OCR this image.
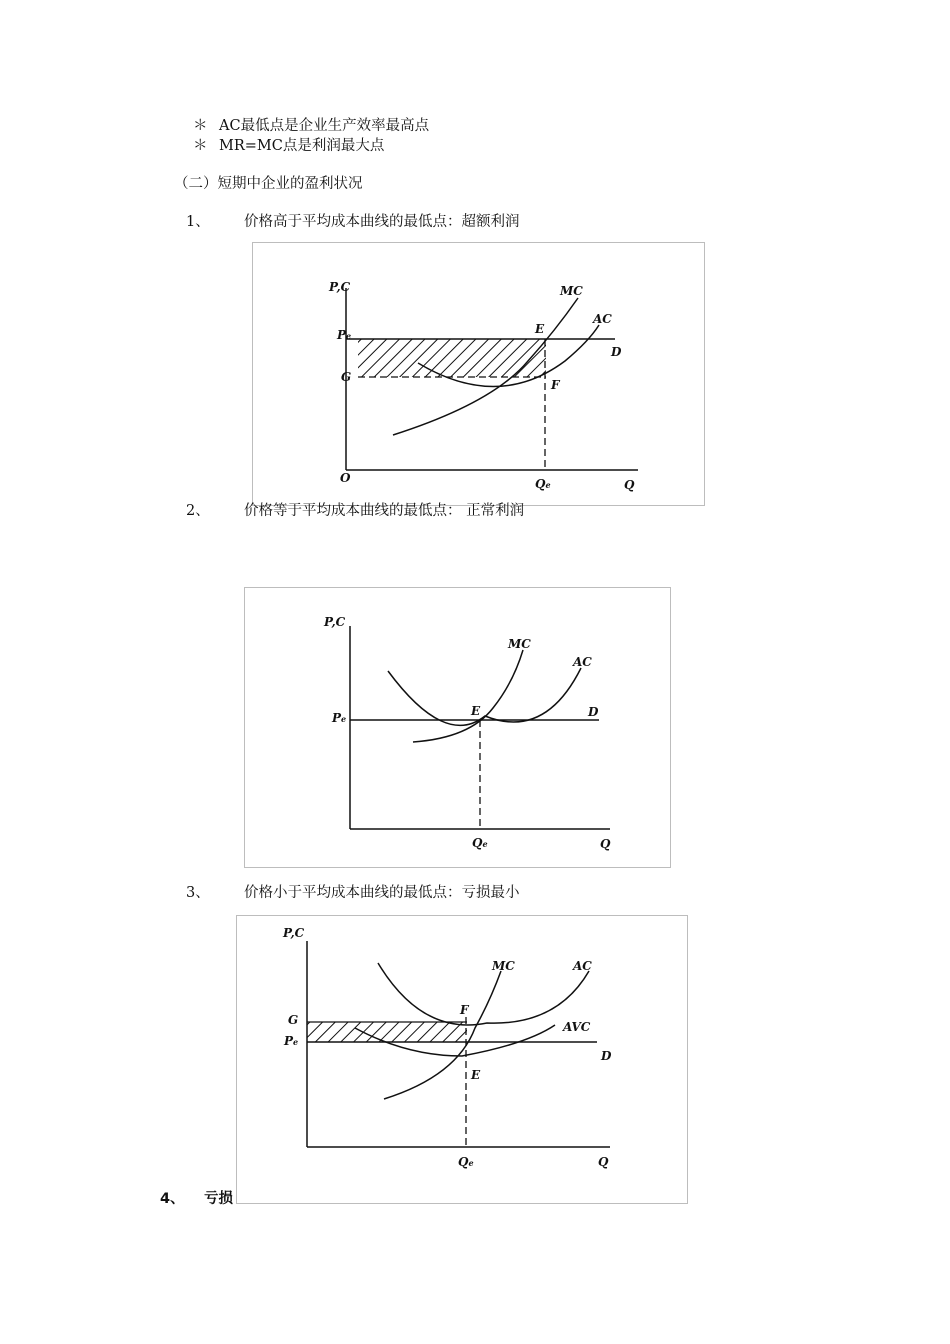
＊ AC最低点是企业生产效率最高点
＊ MR=MC点是利润最大点
（二）短期中企业的盈利状况
1、 价格高于平均成本曲线的最低点：超额利润
P,C
Q
O
MC
AC
D
E
F
Pe
G
Qe
2、 价格等于平均成本曲线的最低点： 正常利润
P,C
Q
MC
AC
D
E
Pe
Qe
3、 价格小于平均成本曲线的最低点：亏损最小
P,C
Q
MC	AC
AVC
D
F
E
G
Pe
Qe
4、 亏损
